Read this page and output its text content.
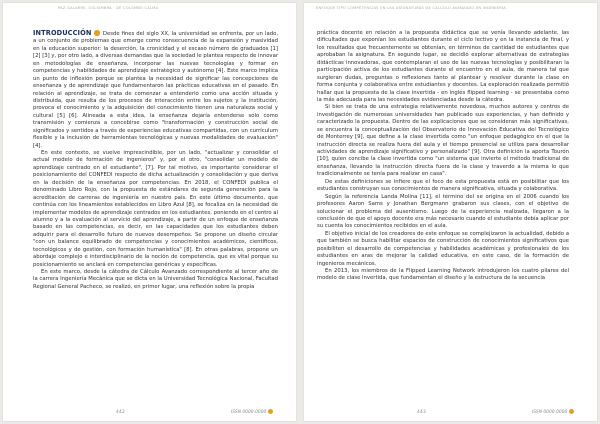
PAZ GALARRE. COLSIMBRA · DE COLOMBO CALMA

INTRODUCCIÓN Desde fines del siglo XX, la universidad se enfrenta, por un lado, a un conjunto de problemas que emerge como consecuencia de la expansión y masividad en la educación superior: la deserción, la cronicidad y el escaso número de graduados [1] [2] [3] y, por otro lado, a diversas demandas que la sociedad le plantea respecto de innovar en metodologías de enseñanza, incorporar las nuevas tecnologías y formar en competencias y habilidades de aprendizaje estratégico y autónomo [4]. Este marco implica un punto de inflexión porque se plantea la necesidad de significar las concepciones de enseñanza y de aprendizaje que fundamentaron las prácticas educativas en el pasado. En relación al aprendizaje, se trata de comenzar a entenderlo como una acción situada y distribuida, que resulta de los procesos de interacción entre los sujetos y la institución, provoca el conocimiento y la adquisición del conocimiento tienen una naturaleza social y cultural [5] [6]. Alineada a esta idea, la enseñanza dejaría entenderse sólo como transmisión y comienza a concebirse como "transformación y construcción social de significados y sentidos a través de experiencias educativas compartidas, con un currículum flexible y la inclusión de herramientas tecnológicas y nuevas modalidades de evaluación" [4].

En este contexto, se vuelve imprescindible, por un lado, "actualizar y consolidar el actual modelo de formación de ingenieros" y, por el otro, "consolidar un modelo de aprendizaje centrado en el estudiante", [7]. Por tal motivo, es importante considerar el posicionamiento del CONFEDI respecto de dicha actualización y consolidación y que deriva en la decisión de la enseñanza por competencias. En 2018, el CONFEDI publica el denominado Libro Rojo, con la propuesta de estándares de segunda generación para la acreditación de carreras de ingeniería en nuestro país. En este último documento, que continúa con los lineamientos establecidos en Libro Azul [8], se focaliza en la necesidad de implementar modelos de aprendizaje centrados en los estudiantes, poniendo en el centro al alumno y a la evaluación al servicio del aprendizaje, a partir de un enfoque de enseñanza basado en las competencias, es decir, en las capacidades que los estudiantes deben adquirir para el desarrollo futuro de nuevos desempeños. Se propone un diseño circular "con un balance equilibrado de competencias y conocimientos académicos, científicos, tecnológicos y de gestión, con formación humanística" [8]. En otras palabras, propone un abordaje complejo e interdisciplinario de la noción de competencia, que es vital porque su posicionamiento se anclará en competencias genéricas y específicas.

En este marco, desde la cátedra de Cálculo Avanzado correspondiente al tercer año de la carrera Ingeniería Mecánica que se dicta en la Universidad Tecnológica Nacional, Facultad Regional General Pacheco, se realizó, en primer lugar, una reflexión sobre la propia

442	ISSN 0000-0000
ENFOQUE TIPO COMPETENCIAS EN LAS ASIGNATURAS DE CALCULO AVANZADO EN INGENIERÍA

práctica docente en relación a la propuesta didáctica que se venía llevando adelante, las dificultades que exponían los estudiantes durante el ciclo lectivo y en la instancia de final, y los resultados que frecuentemente se obtenían, en términos de cantidad de estudiantes que aprobaban la asignatura. En segundo lugar, se decidió explorar alternativas de estrategias didácticas innovadoras, que contemplaran el uso de las nuevas tecnologías y posibilitaran la participación activa de los estudiantes durante el encuentro en el aula, de manera tal que surgieran dudas, preguntas o reflexiones tanto al plantear y resolver durante la clase en forma conjunta y colaborativa entre estudiantes y docentes. La exploración realizada permitió hallar que la propuesta de la clase invertida - en inglés flipped learning - se presentaba como la más adecuada para las necesidades evidenciadas desde la cátedra.

Si bien se trata de una estrategia relativamente novedosa, muchos autores y centros de investigación de numerosas universidades han publicado sus experiencias, y han definido y caracterizado la propuesta. Dentro de las explicaciones que se consideran más significativas, se encuentra la conceptualización del Observatorio de Innovación Educativa del Tecnológico de Monterrey [9], que define a la clase invertida como "un enfoque pedagógico en el que la instrucción directa se realiza fuera del aula y el tiempo presencial se utiliza para desarrollar actividades de aprendizaje significativo y personalizado" [9]. Otra definición la aporta Tourón [10], quien concibe la clase invertida como "un sistema que invierte el método tradicional de enseñanza, llevando la instrucción directa fuera de la clase y traverdo a la misma lo que tradicionalmente se tenía para realizar en casa".

De estas definiciones se infiere que el foco de esta propuesta está en posibilitar que los estudiantes construyan sus conocimientos de manera significativa, situada y colaborativa.

Según la referencia Landa Molina [11], el término del se origina en el 2006 cuando los profesores Aaron Sams y Jonathan Bergmann grabaron sus clases, con el objetivo de solucionar el problema del ausentismo. Luego de la experiencia realizada, llegaron a la conclusión de que el apoyo docente era más necesario cuando el estudiante debía aplicar por su cuenta los conocimientos recibidos en el aula.

El objetivo inicial de los creadores de este enfoque se complejizaron la actualidad, debido a que también se busca habilitar espacios de construcción de conocimientos significativos que posibiliten el desarrollo de competencias y habilidades académicas y profesionales de los estudiantes en aras de mejorar la calidad educativa, en este caso, de la formación de ingenieros mecánicos.

En 2013, los miembros de la Flipped Learning Network introdujeron los cuatro pilares del modelo de clase invertida, que fundamentan el diseño y la estructura de la secuencia

443	ISSN 0000-0000
